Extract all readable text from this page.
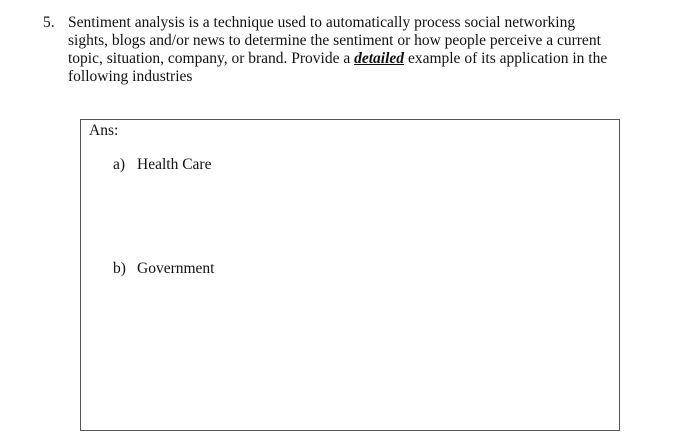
5. Sentiment analysis is a technique used to automatically process social networking
sights, blogs and/or news to determine the sentiment or how people perceive a current
topic, situation, company, or brand. Provide a detailed example of its application in the
following industries
Ans:
a) Health Care
b) Government
